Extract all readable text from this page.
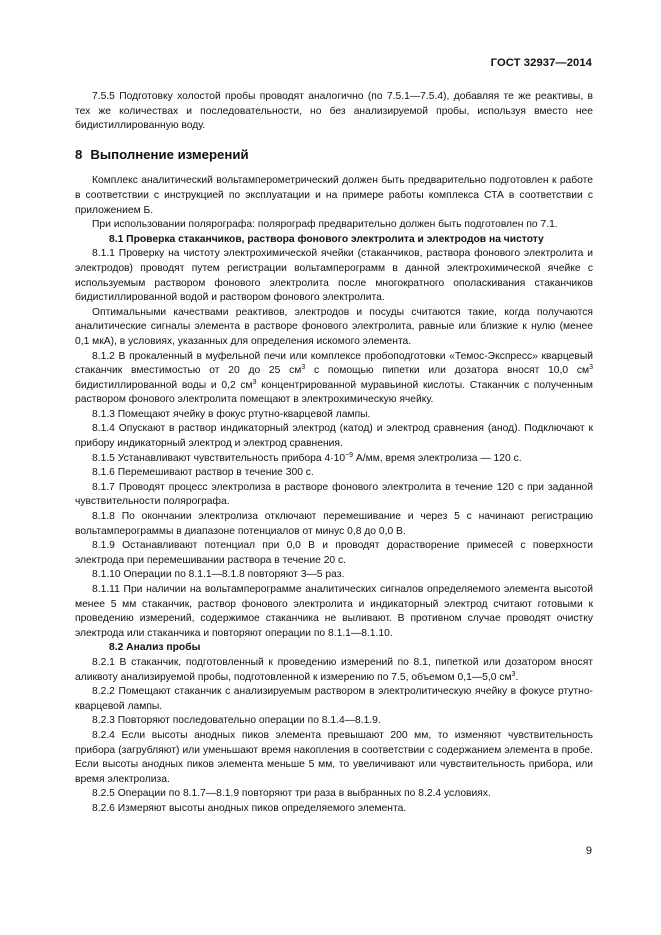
ГОСТ 32937—2014

7.5.5 Подготовку холостой пробы проводят аналогично (по 7.5.1—7.5.4), добавляя те же реактивы, в тех же количествах и последовательности, но без анализируемой пробы, используя вместо нее бидистиллированную воду.

8 Выполнение измерений

Комплекс аналитический вольтамперометрический должен быть предварительно подготовлен к работе в соответствии с инструкцией по эксплуатации и на примере работы комплекса СТА в соответствии с приложением Б.

При использовании полярографа: полярограф предварительно должен быть подготовлен по 7.1.

8.1 Проверка стаканчиков, раствора фонового электролита и электродов на чистоту

8.1.1 Проверку на чистоту электрохимической ячейки (стаканчиков, раствора фонового электролита и электродов) проводят путем регистрации вольтамперограмм в данной электрохимической ячейке с используемым раствором фонового электролита после многократного ополаскивания стаканчиков бидистиллированной водой и раствором фонового электролита.

Оптимальными качествами реактивов, электродов и посуды считаются такие, когда получаются аналитические сигналы элемента в растворе фонового электролита, равные или близкие к нулю (менее 0,1 мкА), в условиях, указанных для определения искомого элемента.

8.1.2 В прокаленный в муфельной печи или комплексе пробоподготовки «Темос-Экспресс» кварцевый стаканчик вместимостью от 20 до 25 $см^3$ с помощью пипетки или дозатора вносят 10,0 $см^3$ бидистиллированной воды и 0,2 $см^3$ концентрированной муравьиной кислоты. Стаканчик с полученным раствором фонового электролита помещают в электрохимическую ячейку.

8.1.3 Помещают ячейку в фокус ртутно-кварцевой лампы.

8.1.4 Опускают в раствор индикаторный электрод (катод) и электрод сравнения (анод). Подключают к прибору индикаторный электрод и электрод сравнения.

8.1.5 Устанавливают чувствительность прибора $4\cdot 10^{-9}$ А/мм, время электролиза — 120 с.

8.1.6 Перемешивают раствор в течение 300 с.

8.1.7 Проводят процесс электролиза в растворе фонового электролита в течение 120 с при заданной чувствительности полярографа.

8.1.8 По окончании электролиза отключают перемешивание и через 5 с начинают регистрацию вольтамперограммы в диапазоне потенциалов от минус 0,8 до 0,0 В.

8.1.9 Останавливают потенциал при 0,0 В и проводят дорастворение примесей с поверхности электрода при перемешивании раствора в течение 20 с.

8.1.10 Операции по 8.1.1—8.1.8 повторяют 3—5 раз.

8.1.11 При наличии на вольтамперограмме аналитических сигналов определяемого элемента высотой менее 5 мм стаканчик, раствор фонового электролита и индикаторный электрод считают готовыми к проведению измерений, содержимое стаканчика не выливают. В противном случае проводят очистку электрода или стаканчика и повторяют операции по 8.1.1—8.1.10.

8.2 Анализ пробы

8.2.1 В стаканчик, подготовленный к проведению измерений по 8.1, пипеткой или дозатором вносят аликвоту анализируемой пробы, подготовленной к измерению по 7.5, объемом 0,1—5,0 $см^3$.

8.2.2 Помещают стаканчик с анализируемым раствором в электролитическую ячейку в фокусе ртутно-кварцевой лампы.

8.2.3 Повторяют последовательно операции по 8.1.4—8.1.9.

8.2.4 Если высоты анодных пиков элемента превышают 200 мм, то изменяют чувствительность прибора (загрубляют) или уменьшают время накопления в соответствии с содержанием элемента в пробе. Если высоты анодных пиков элемента меньше 5 мм, то увеличивают или чувствительность прибора, или время электролиза.

8.2.5 Операции по 8.1.7—8.1.9 повторяют три раза в выбранных по 8.2.4 условиях.

8.2.6 Измеряют высоты анодных пиков определяемого элемента.

9
